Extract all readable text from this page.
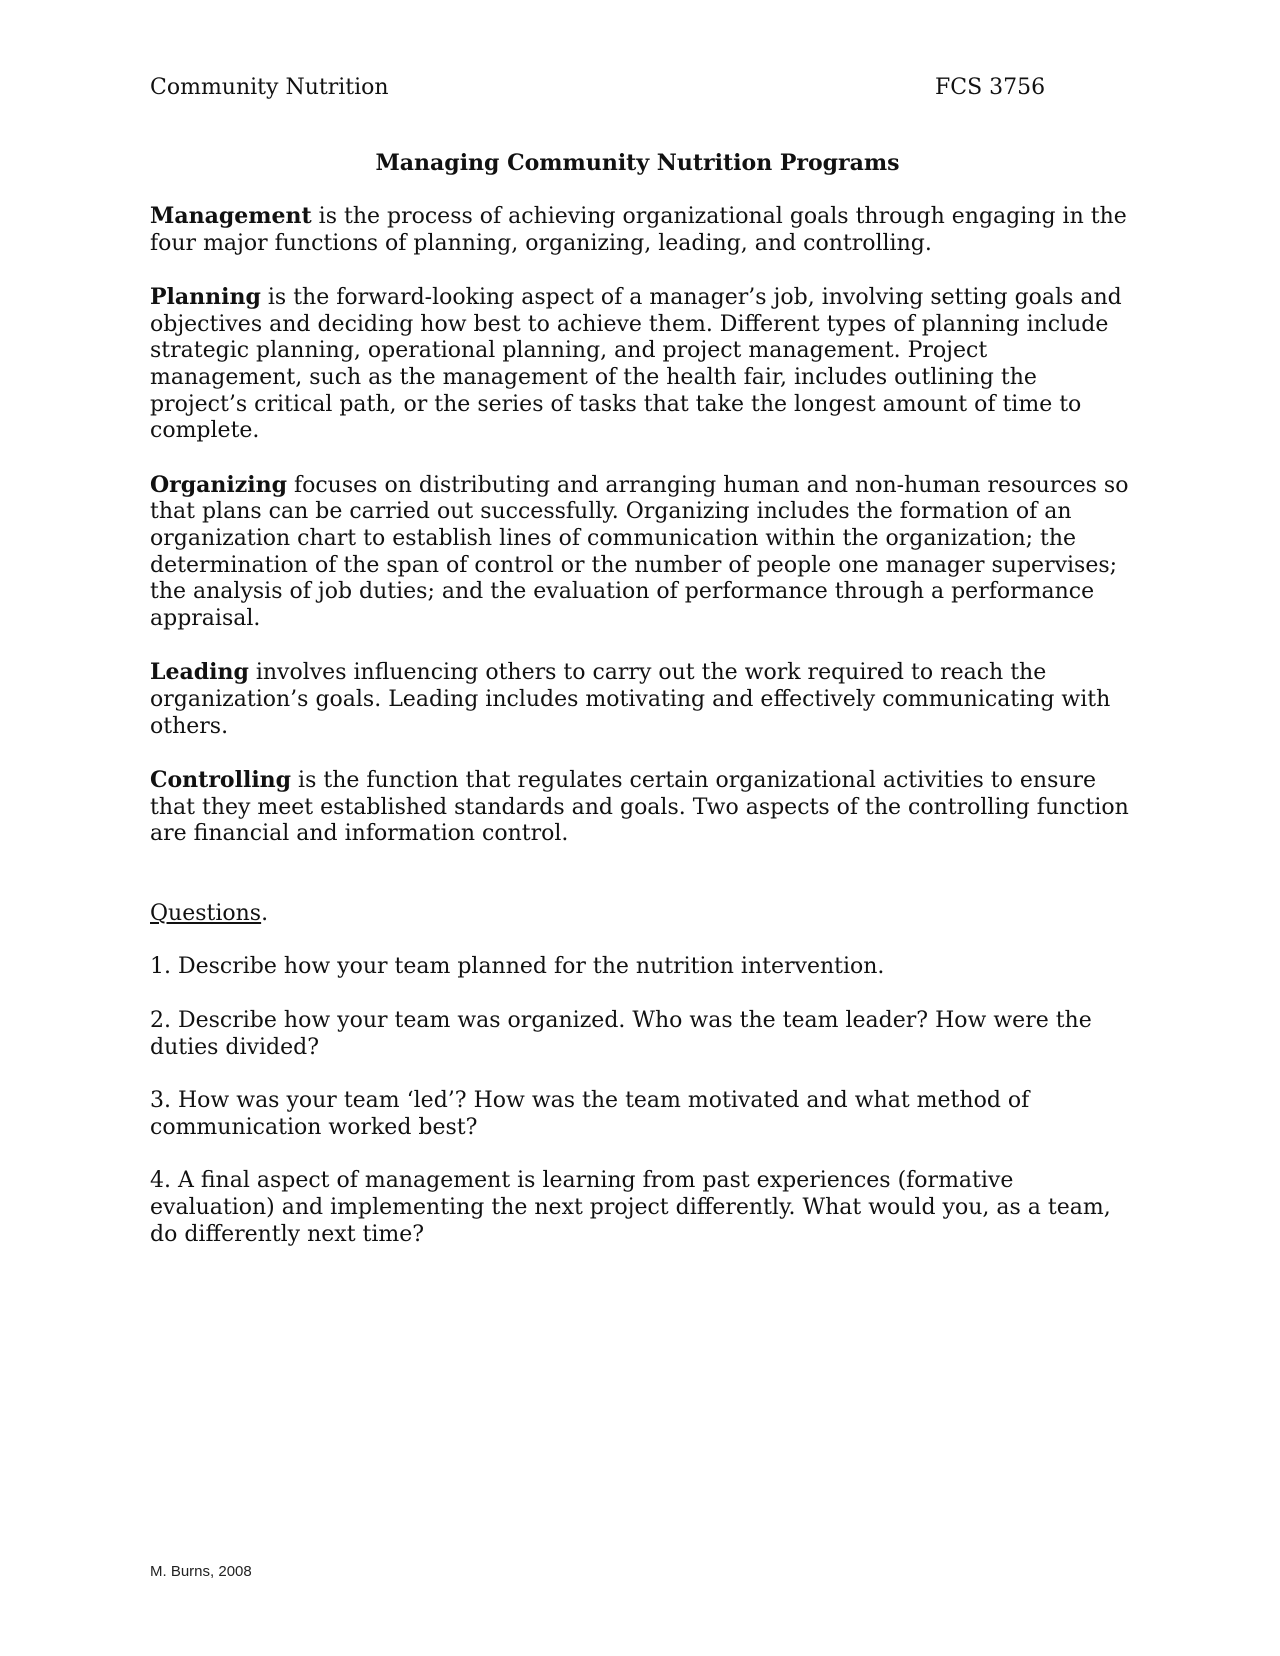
Community Nutrition	FCS 3756
Managing Community Nutrition Programs

Management is the process of achieving organizational goals through engaging in the four major functions of planning, organizing, leading, and controlling.

Planning is the forward-looking aspect of a manager’s job, involving setting goals and objectives and deciding how best to achieve them. Different types of planning include strategic planning, operational planning, and project management. Project management, such as the management of the health fair, includes outlining the project’s critical path, or the series of tasks that take the longest amount of time to complete.

Organizing focuses on distributing and arranging human and non-human resources so that plans can be carried out successfully. Organizing includes the formation of an organization chart to establish lines of communication within the organization; the determination of the span of control or the number of people one manager supervises; the analysis of job duties; and the evaluation of performance through a performance appraisal.

Leading involves influencing others to carry out the work required to reach the organization’s goals. Leading includes motivating and effectively communicating with others.

Controlling is the function that regulates certain organizational activities to ensure that they meet established standards and goals. Two aspects of the controlling function are financial and information control.

Questions.

1. Describe how your team planned for the nutrition intervention.

2. Describe how your team was organized. Who was the team leader? How were the duties divided?

3. How was your team ‘led’? How was the team motivated and what method of communication worked best?

4. A final aspect of management is learning from past experiences (formative evaluation) and implementing the next project differently. What would you, as a team, do differently next time?

M. Burns, 2008
